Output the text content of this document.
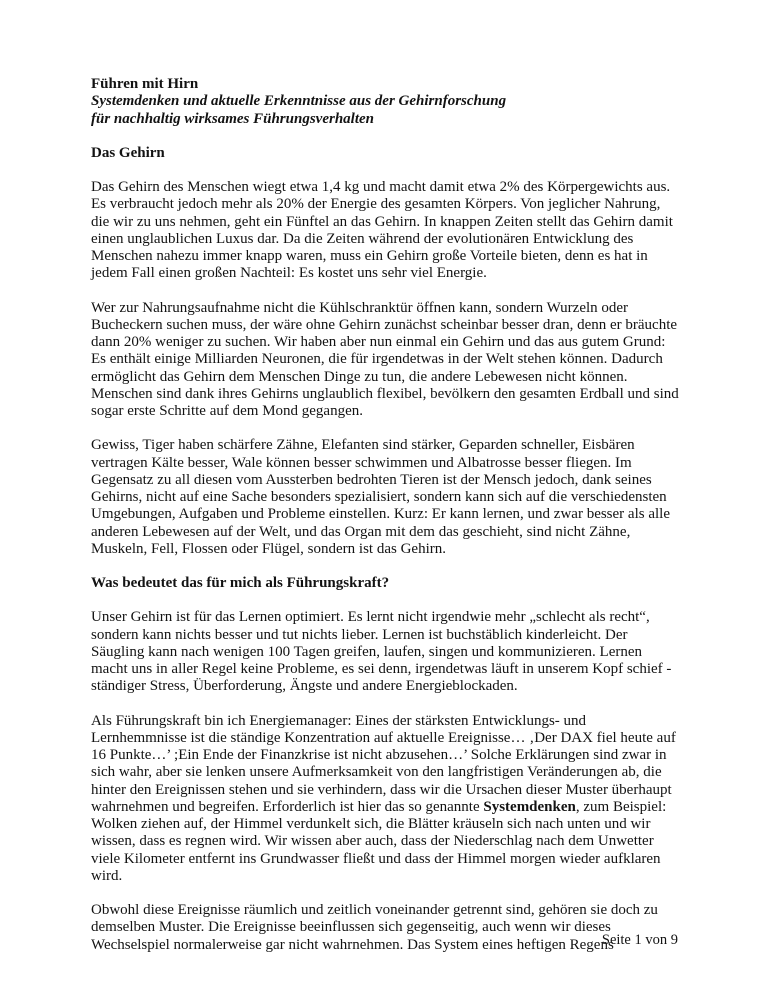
Führen mit Hirn

Systemdenken und aktuelle Erkenntnisse aus der Gehirnforschung

für nachhaltig wirksames Führungsverhalten

Das Gehirn

Das Gehirn des Menschen wiegt etwa 1,4 kg und macht damit etwa 2% des Körpergewichts aus. Es verbraucht jedoch mehr als 20% der Energie des gesamten Körpers. Von jeglicher Nahrung, die wir zu uns nehmen, geht ein Fünftel an das Gehirn. In knappen Zeiten stellt das Gehirn damit einen unglaublichen Luxus dar. Da die Zeiten während der evolutionären Entwicklung des Menschen nahezu immer knapp waren, muss ein Gehirn große Vorteile bieten, denn es hat in jedem Fall einen großen Nachteil: Es kostet uns sehr viel Energie.

Wer zur Nahrungsaufnahme nicht die Kühlschranktür öffnen kann, sondern Wurzeln oder Bucheckern suchen muss, der wäre ohne Gehirn zunächst scheinbar besser dran, denn er bräuchte dann 20% weniger zu suchen. Wir haben aber nun einmal ein Gehirn und das aus gutem Grund: Es enthält einige Milliarden Neuronen, die für irgendetwas in der Welt stehen können. Dadurch ermöglicht das Gehirn dem Menschen Dinge zu tun, die andere Lebewesen nicht können. Menschen sind dank ihres Gehirns unglaublich flexibel, bevölkern den gesamten Erdball und sind sogar erste Schritte auf dem Mond gegangen.

Gewiss, Tiger haben schärfere Zähne, Elefanten sind stärker, Geparden schneller, Eisbären vertragen Kälte besser, Wale können besser schwimmen und Albatrosse besser fliegen. Im Gegensatz zu all diesen vom Aussterben bedrohten Tieren ist der Mensch jedoch, dank seines Gehirns, nicht auf eine Sache besonders spezialisiert, sondern kann sich auf die verschiedensten Umgebungen, Aufgaben und Probleme einstellen. Kurz: Er kann lernen, und zwar besser als alle anderen Lebewesen auf der Welt, und das Organ mit dem das geschieht, sind nicht Zähne, Muskeln, Fell, Flossen oder Flügel, sondern ist das Gehirn.

Was bedeutet das für mich als Führungskraft?

Unser Gehirn ist für das Lernen optimiert. Es lernt nicht irgendwie mehr „schlecht als recht“, sondern kann nichts besser und tut nichts lieber. Lernen ist buchstäblich kinderleicht. Der Säugling kann nach wenigen 100 Tagen greifen, laufen, singen und kommunizieren. Lernen macht uns in aller Regel keine Probleme, es sei denn, irgendetwas läuft in unserem Kopf schief - ständiger Stress, Überforderung, Ängste und andere Energieblockaden.

Als Führungskraft bin ich Energiemanager: Eines der stärksten Entwicklungs- und Lernhemmnisse ist die ständige Konzentration auf aktuelle Ereignisse… ‚Der DAX fiel heute auf 16 Punkte…’ ;Ein Ende der Finanzkrise ist nicht abzusehen…’ Solche Erklärungen sind zwar in sich wahr, aber sie lenken unsere Aufmerksamkeit von den langfristigen Veränderungen ab, die hinter den Ereignissen stehen und sie verhindern, dass wir die Ursachen dieser Muster überhaupt wahrnehmen und begreifen. Erforderlich ist hier das so genannte Systemdenken, zum Beispiel: Wolken ziehen auf, der Himmel verdunkelt sich, die Blätter kräuseln sich nach unten und wir wissen, dass es regnen wird. Wir wissen aber auch, dass der Niederschlag nach dem Unwetter viele Kilometer entfernt ins Grundwasser fließt und dass der Himmel morgen wieder aufklaren wird.

Obwohl diese Ereignisse räumlich und zeitlich voneinander getrennt sind, gehören sie doch zu demselben Muster. Die Ereignisse beeinflussen sich gegenseitig, auch wenn wir dieses Wechselspiel normalerweise gar nicht wahrnehmen. Das System eines heftigen Regens

Seite 1 von 9
